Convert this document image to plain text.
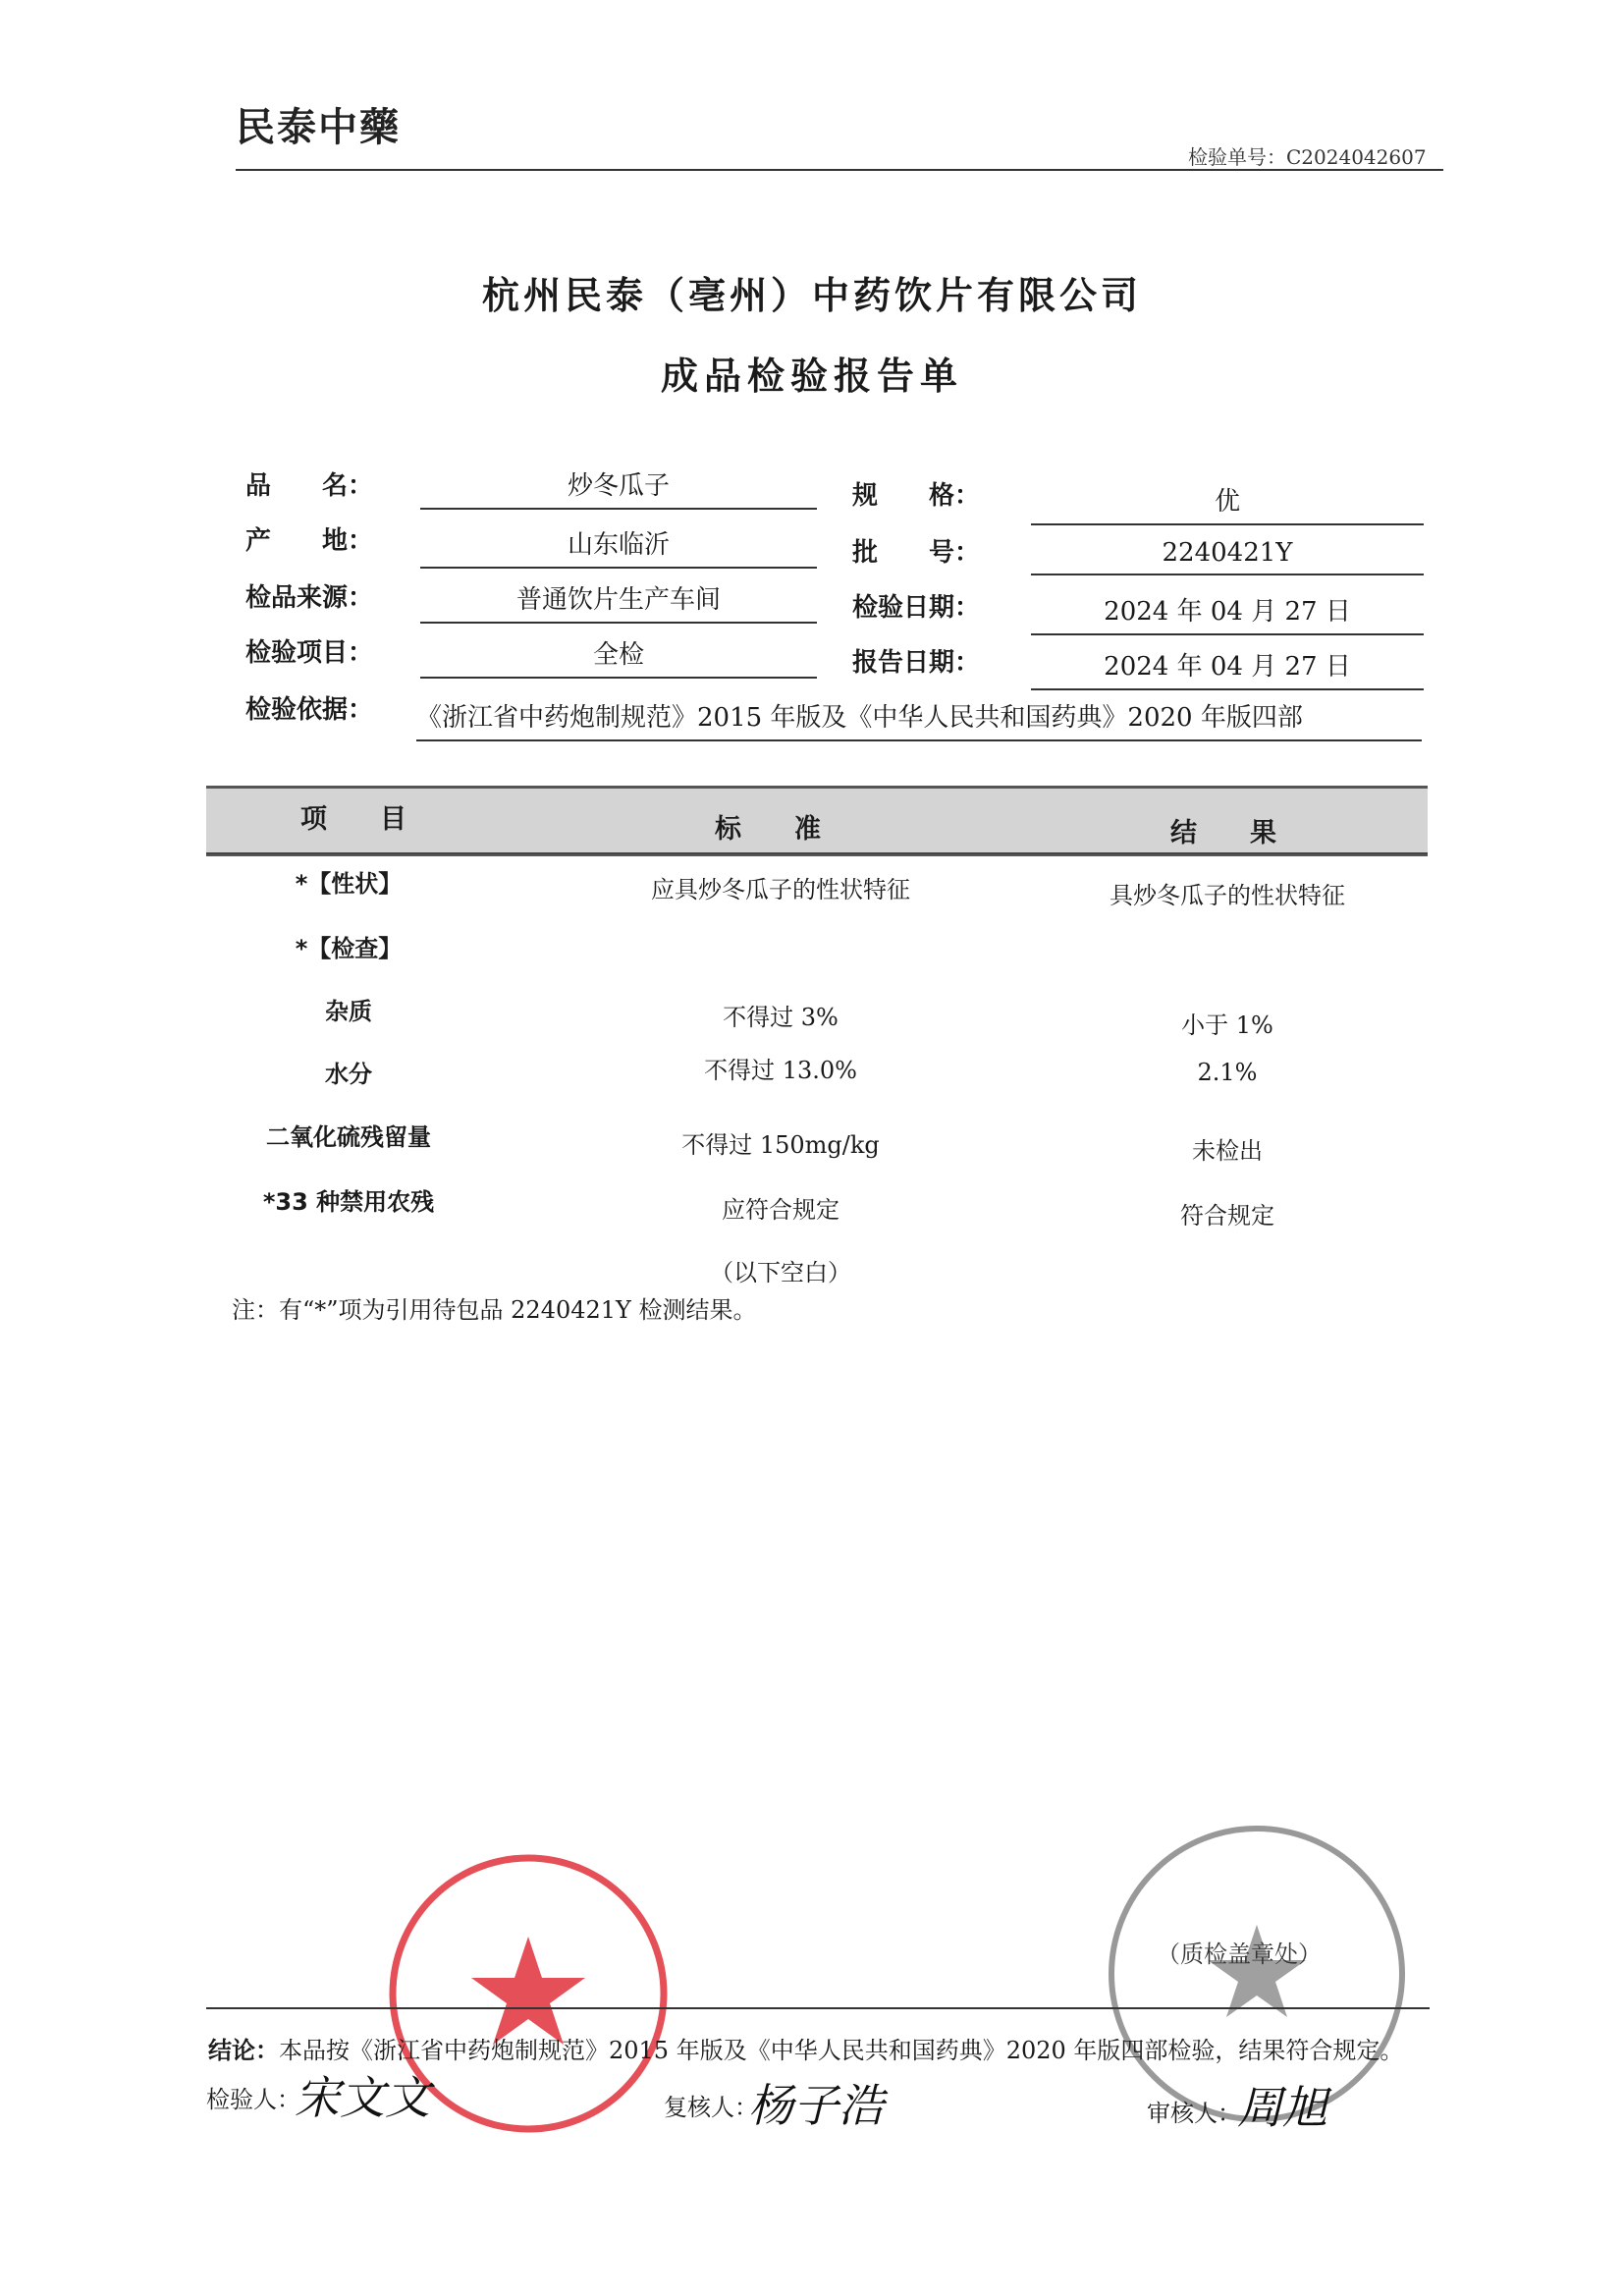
民泰中藥
检验单号：C2024042607
杭州民泰（亳州）中药饮片有限公司
成品检验报告单
品　　名：	炒冬瓜子	规　　格：	优
产　　地：	山东临沂	批　　号：	2240421Y
检品来源：	普通饮片生产车间	检验日期：	2024 年 04 月 27 日
检验项目：	全检	报告日期：	2024 年 04 月 27 日
检验依据： 《浙江省中药炮制规范》2015 年版及《中华人民共和国药典》2020 年版四部
项　　目	标　　准	结　　果
*【性状】	应具炒冬瓜子的性状特征	具炒冬瓜子的性状特征
*【检查】
杂质	不得过 3%	小于 1%
水分	不得过 13.0%	2.1%
二氧化硫残留量	不得过 150mg/kg	未检出
*33 种禁用农残	应符合规定	符合规定
（以下空白）
注：有“*”项为引用待包品 2240421Y 检测结果。
（质检盖章处）
结论：本品按《浙江省中药炮制规范》2015 年版及《中华人民共和国药典》2020 年版四部检验，结果符合规定。
检验人：
宋文文	复核人：
杨子浩	审核人：
周旭
